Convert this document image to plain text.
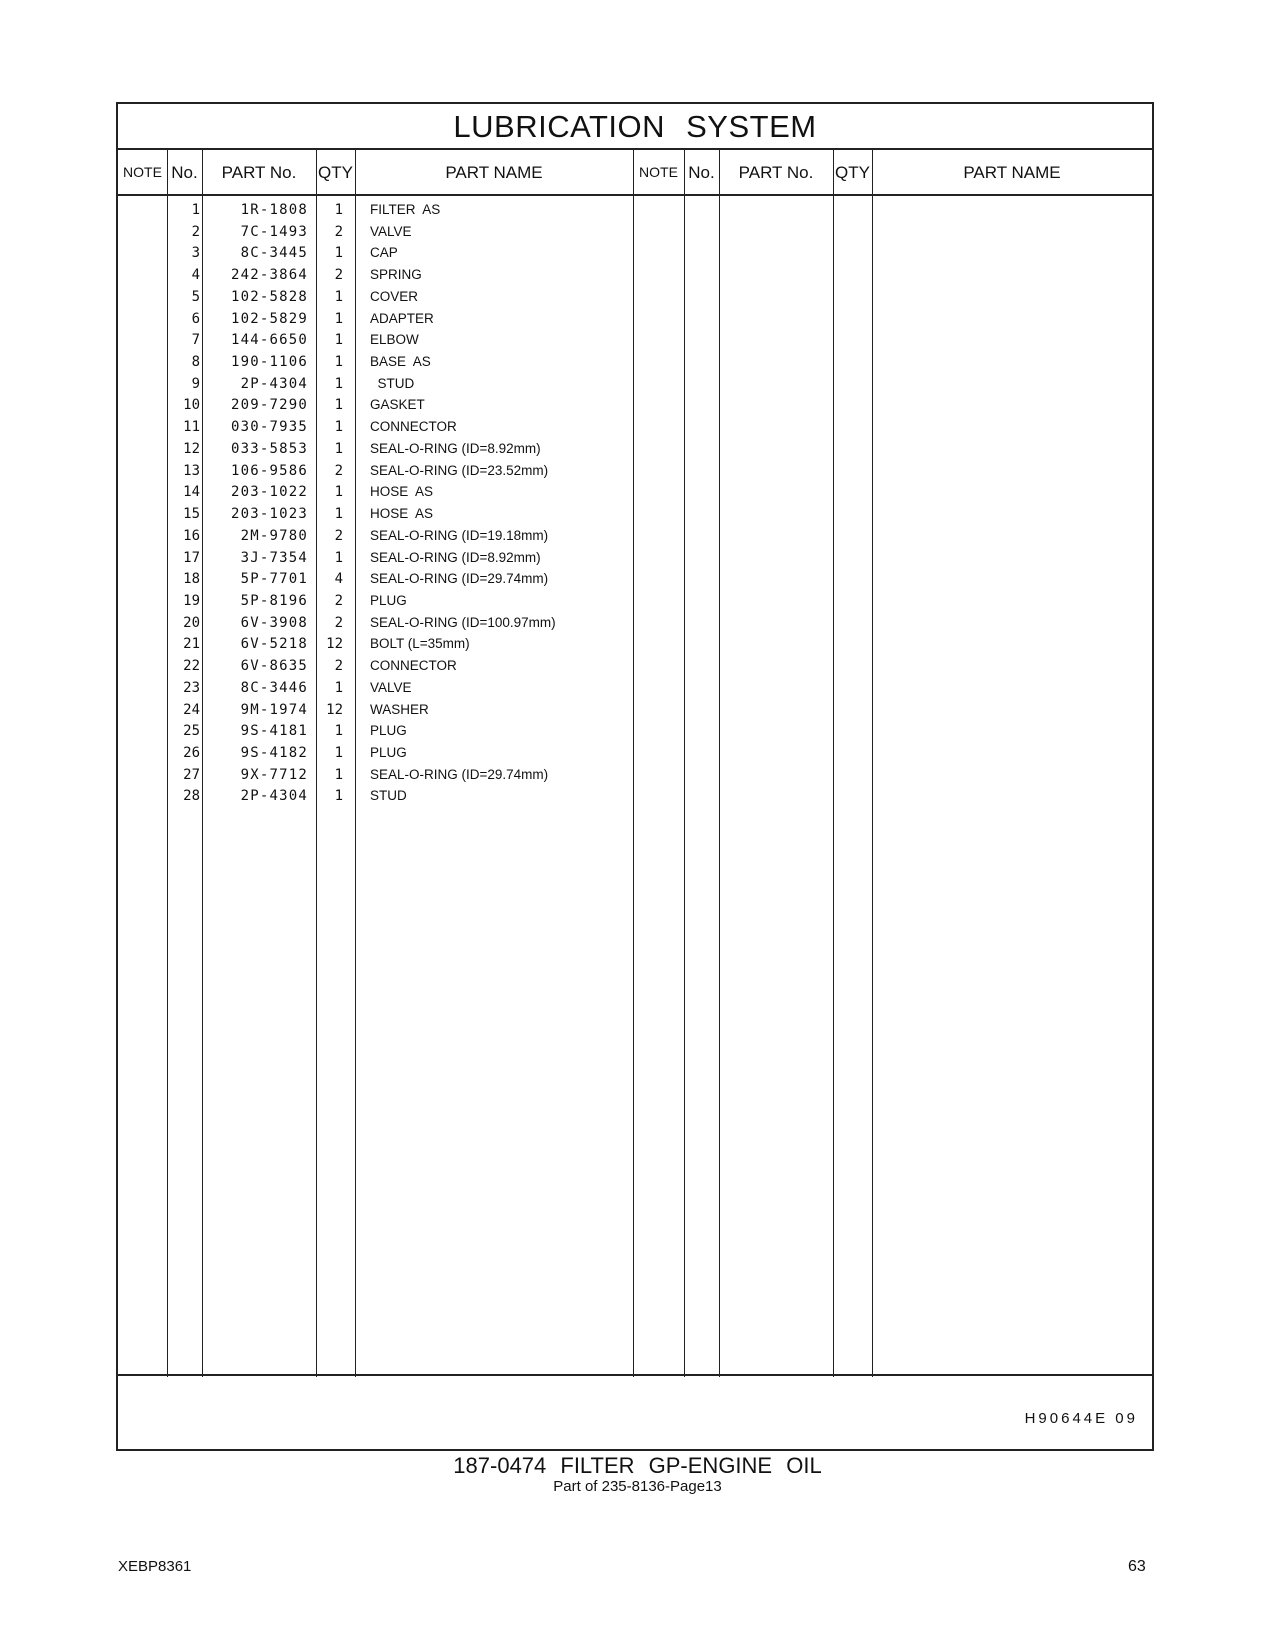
LUBRICATION SYSTEM
NOTE No.	PART No.	QTY	PART NAME	NOTE No.	PART No.	QTY	PART NAME
1	1R-1808	1 FILTER  AS
2	7C-1493	2 VALVE
3	8C-3445	1 CAP
4	242-3864	2 SPRING
5	102-5828	1 COVER
6	102-5829	1 ADAPTER
7	144-6650	1 ELBOW
8	190-1106	1 BASE  AS
9	2P-4304	1 STUD
10	209-7290	1 GASKET
11	030-7935	1 CONNECTOR
12	033-5853	1 SEAL-O-RING (ID=8.92mm)
13	106-9586	2 SEAL-O-RING (ID=23.52mm)
14	203-1022	1 HOSE  AS
15	203-1023	1 HOSE  AS
16	2M-9780	2 SEAL-O-RING (ID=19.18mm)
17	3J-7354	1 SEAL-O-RING (ID=8.92mm)
18	5P-7701	4 SEAL-O-RING (ID=29.74mm)
19	5P-8196	2 PLUG
20	6V-3908	2 SEAL-O-RING (ID=100.97mm)
21	6V-5218	12 BOLT (L=35mm)
22	6V-8635	2 CONNECTOR
23	8C-3446	1 VALVE
24	9M-1974	12 WASHER
25	9S-4181	1 PLUG
26	9S-4182	1 PLUG
27	9X-7712	1 SEAL-O-RING (ID=29.74mm)
28	2P-4304	1 STUD
H90644E 09
187-0474 FILTER GP-ENGINE OIL
Part of 235-8136-Page13
XEBP8361	63
